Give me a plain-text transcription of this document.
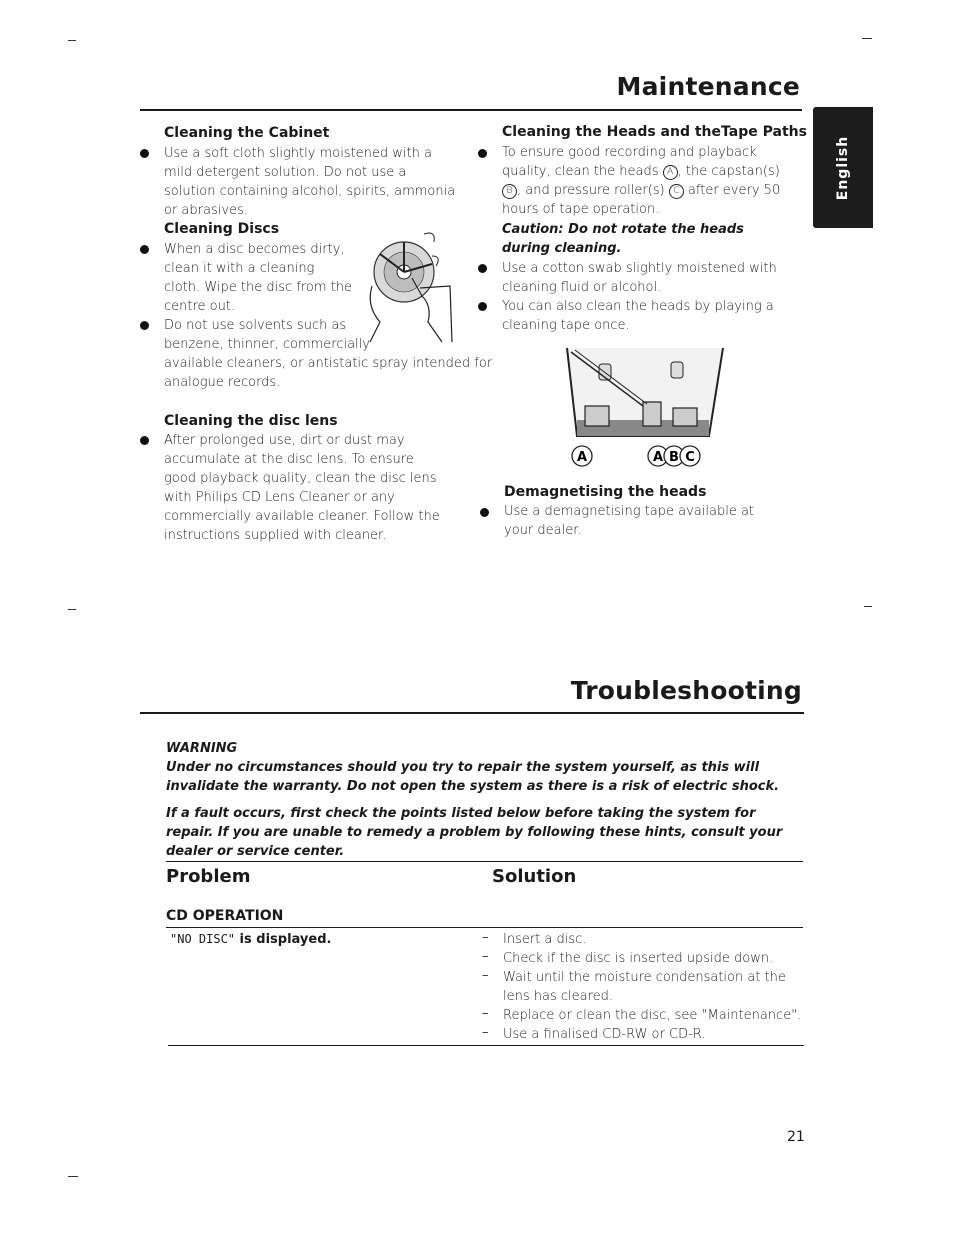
Maintenance
English
Cleaning the Cabinet
Use a soft cloth slightly moistened with a mild detergent solution. Do not use a solution containing alcohol, spirits, ammonia or abrasives.
Cleaning Discs
When a disc becomes dirty, clean it with a cleaning cloth. Wipe the disc from the centre out.
Do not use solvents such as
benzene, thinner, commercially
available cleaners, or antistatic spray intended for
analogue records.
Cleaning the disc lens
After prolonged use, dirt or dust may accumulate at the disc lens. To ensure good playback quality, clean the disc lens with Philips CD Lens Cleaner or any commercially available cleaner. Follow the instructions supplied with cleaner.
Cleaning the Heads and theTape Paths
To ensure good recording and playback quality, clean the heads A , the capstan(s) B , and pressure roller(s) C after every 50 hours of tape operation.
Caution: Do not rotate the heads during cleaning.
Use a cotton swab slightly moistened with cleaning fluid or alcohol.
You can also clean the heads by playing a cleaning tape once.
A	A B C
Demagnetising the heads
Use a demagnetising tape available at your dealer.
Troubleshooting
WARNING
Under no circumstances should you try to repair the system yourself, as this will invalidate the warranty. Do not open the system as there is a risk of electric shock.
If a fault occurs, first check the points listed below before taking the system for repair. If you are unable to remedy a problem by following these hints, consult your dealer or service center.
Problem	Solution
CD OPERATION
"NO DISC" is displayed.	– Insert a disc.
– Check if the disc is inserted upside down.
– Wait until the moisture condensation at the lens has cleared.
– Replace or clean the disc, see "Maintenance".
– Use a finalised CD-RW or CD-R.
21
